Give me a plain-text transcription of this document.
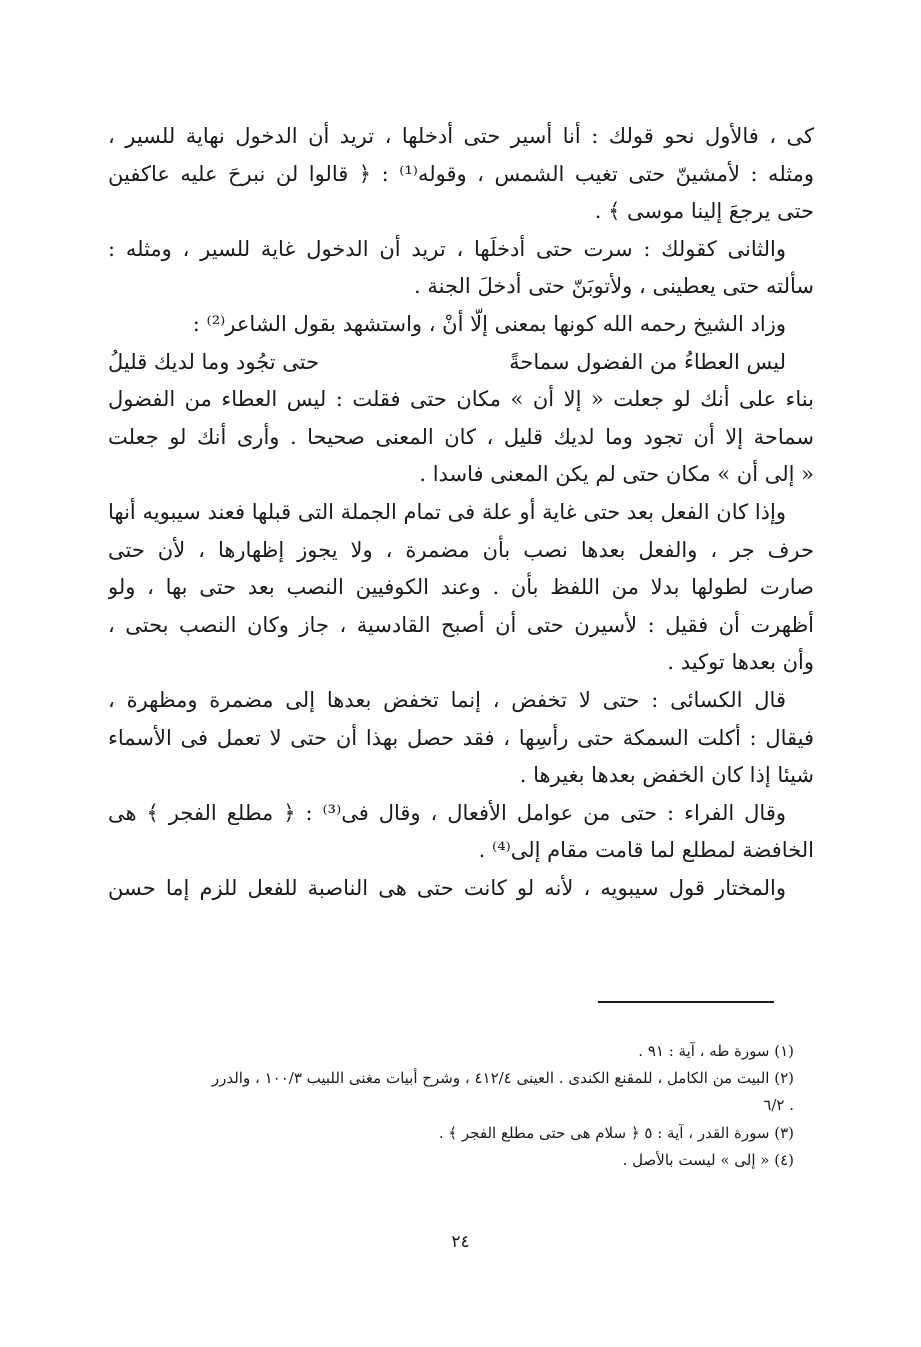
كى ، فالأول نحو قولك : أنا أسير حتى أدخلها ، تريد أن الدخول نهاية للسير ،

ومثله : لأمشينّ حتى تغيب الشمس ، وقوله⁽¹⁾ : ﴿ قالوا لن نبرحَ عليه عاكفين

حتى يرجعَ إلينا موسى ﴾ .

والثانى كقولك : سرت حتى أدخلَها ، تريد أن الدخول غاية للسير ، ومثله :

سألته حتى يعطينى ، ولأتوبَنّ حتى أدخلَ الجنة .

وزاد الشيخ رحمه الله كونها بمعنى إلّا أنْ ، واستشهد بقول الشاعر⁽²⁾ :

ليس العطاءُ من الفضول سماحةً
حتى تجُود وما لديك قليلُ

بناء على أنك لو جعلت « إلا أن » مكان حتى فقلت : ليس العطاء من الفضول

سماحة إلا أن تجود وما لديك قليل ، كان المعنى صحيحا . وأرى أنك لو جعلت

« إلى أن » مكان حتى لم يكن المعنى فاسدا .

وإذا كان الفعل بعد حتى غاية أو علة فى تمام الجملة التى قبلها فعند سيبويه أنها

حرف جر ، والفعل بعدها نصب بأن مضمرة ، ولا يجوز إظهارها ، لأن حتى

صارت لطولها بدلا من اللفظ بأن . وعند الكوفيين النصب بعد حتى بها ، ولو

أظهرت أن فقيل : لأسيرن حتى أن أصبح القادسية ، جاز وكان النصب بحتى ،

وأن بعدها توكيد .

قال الكسائى : حتى لا تخفض ، إنما تخفض بعدها إلى مضمرة ومظهرة ،

فيقال : أكلت السمكة حتى رأسِها ، فقد حصل بهذا أن حتى لا تعمل فى الأسماء

شيئا إذا كان الخفض بعدها بغيرها .

وقال الفراء : حتى من عوامل الأفعال ، وقال فى⁽³⁾ : ﴿ مطلع الفجر ﴾ هى

الخافضة لمطلع لما قامت مقام إلى⁽⁴⁾ .

والمختار قول سيبويه ، لأنه لو كانت حتى هى الناصبة للفعل للزم إما حسن

(١) سورة طه ، آية : ٩١ .

(٢) البيت من الكامل ، للمقنع الكندى . العينى ٤١٢/٤ ، وشرح أبيات مغنى اللبيب ١٠٠/٣ ، والدرر

. ٦/٢

(٣) سورة القدر ، آية : ٥ ﴿ سلام هى حتى مطلع الفجر ﴾ .

(٤) « إلى » ليست بالأصل .

٢٤
